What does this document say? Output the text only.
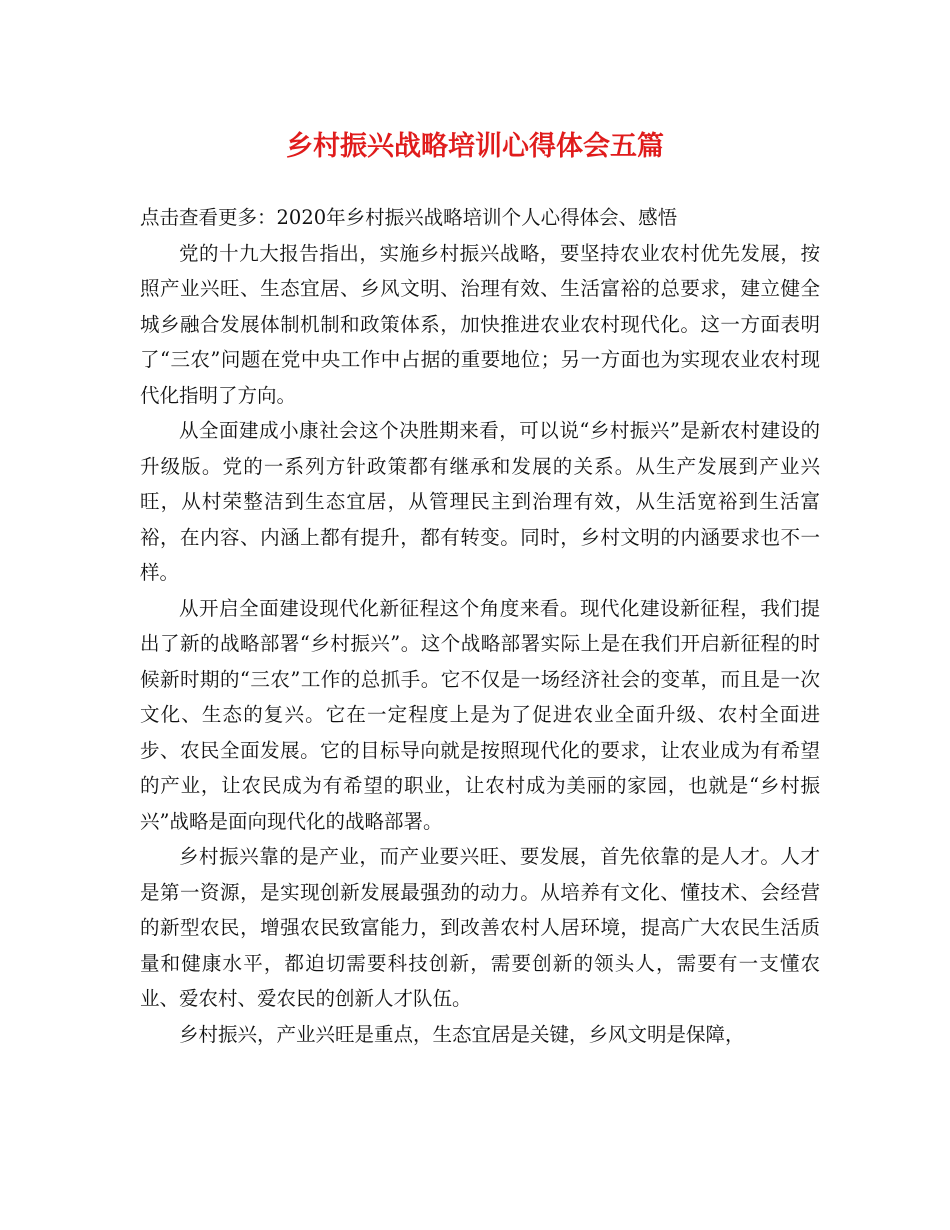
乡村振兴战略培训心得体会五篇

点击查看更多：2020年乡村振兴战略培训个人心得体会、感悟

党的十九大报告指出，实施乡村振兴战略，要坚持农业农村优先发展，按照产业兴旺、生态宜居、乡风文明、治理有效、生活富裕的总要求，建立健全城乡融合发展体制机制和政策体系，加快推进农业农村现代化。这一方面表明了“三农”问题在党中央工作中占据的重要地位；另一方面也为实现农业农村现代化指明了方向。

从全面建成小康社会这个决胜期来看，可以说“乡村振兴”是新农村建设的升级版。党的一系列方针政策都有继承和发展的关系。从生产发展到产业兴旺，从村荣整洁到生态宜居，从管理民主到治理有效，从生活宽裕到生活富裕，在内容、内涵上都有提升，都有转变。同时，乡村文明的内涵要求也不一样。

从开启全面建设现代化新征程这个角度来看。现代化建设新征程，我们提出了新的战略部署“乡村振兴”。这个战略部署实际上是在我们开启新征程的时候新时期的“三农”工作的总抓手。它不仅是一场经济社会的变革，而且是一次文化、生态的复兴。它在一定程度上是为了促进农业全面升级、农村全面进步、农民全面发展。它的目标导向就是按照现代化的要求，让农业成为有希望的产业，让农民成为有希望的职业，让农村成为美丽的家园，也就是“乡村振兴”战略是面向现代化的战略部署。

乡村振兴靠的是产业，而产业要兴旺、要发展，首先依靠的是人才。人才是第一资源，是实现创新发展最强劲的动力。从培养有文化、懂技术、会经营的新型农民，增强农民致富能力，到改善农村人居环境，提高广大农民生活质量和健康水平，都迫切需要科技创新，需要创新的领头人，需要有一支懂农业、爱农村、爱农民的创新人才队伍。

乡村振兴，产业兴旺是重点，生态宜居是关键，乡风文明是保障，
